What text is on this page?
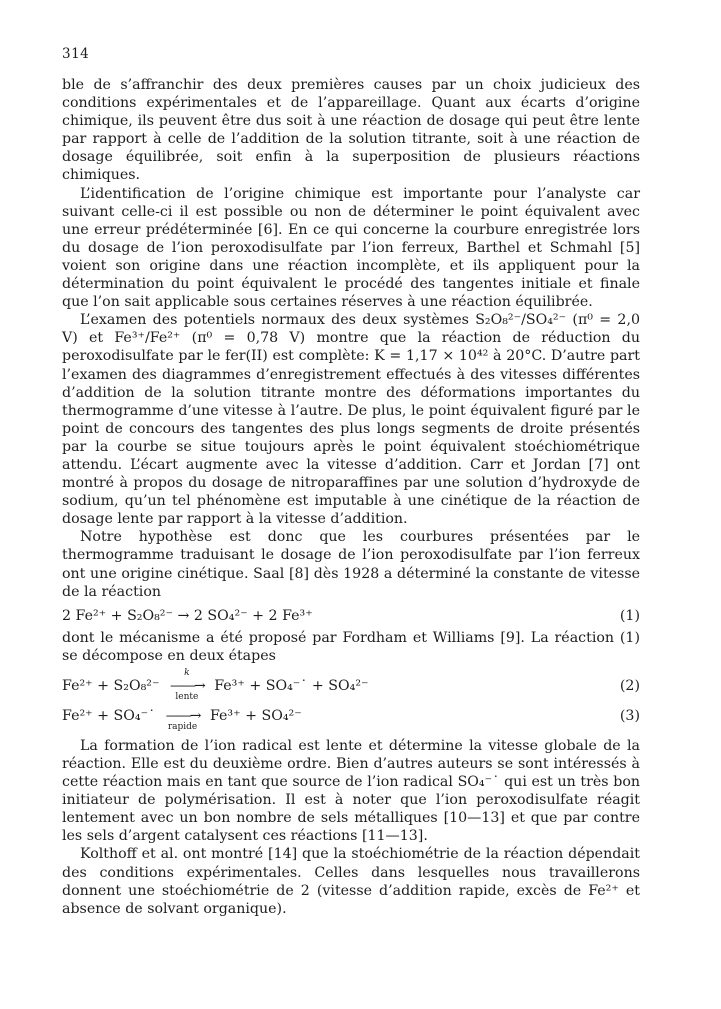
314

ble de s’affranchir des deux premières causes par un choix judicieux des conditions expérimentales et de l’appareillage. Quant aux écarts d’origine chimique, ils peuvent être dus soit à une réaction de dosage qui peut être lente par rapport à celle de l’addition de la solution titrante, soit à une réaction de dosage équilibrée, soit enfin à la superposition de plusieurs réactions chimiques.

L’identification de l’origine chimique est importante pour l’analyste car suivant celle-ci il est possible ou non de déterminer le point équivalent avec une erreur prédéterminée [6]. En ce qui concerne la courbure enregistrée lors du dosage de l’ion peroxodisulfate par l’ion ferreux, Barthel et Schmahl [5] voient son origine dans une réaction incomplète, et ils appliquent pour la détermination du point équivalent le procédé des tangentes initiale et finale que l’on sait applicable sous certaines réserves à une réaction équilibrée.

L’examen des potentiels normaux des deux systèmes S₂O₈²⁻/SO₄²⁻ (π⁰ = 2,0 V) et Fe³⁺/Fe²⁺ (π⁰ = 0,78 V) montre que la réaction de réduction du peroxodisulfate par le fer(II) est complète: K = 1,17 × 10⁴² à 20°C. D’autre part l’examen des diagrammes d’enregistrement effectués à des vitesses différentes d’addition de la solution titrante montre des déformations importantes du thermogramme d’une vitesse à l’autre. De plus, le point équivalent figuré par le point de concours des tangentes des plus longs segments de droite présentés par la courbe se situe toujours après le point équivalent stoéchiométrique attendu. L’écart augmente avec la vitesse d’addition. Carr et Jordan [7] ont montré à propos du dosage de nitroparaffines par une solution d’hydroxyde de sodium, qu’un tel phénomène est imputable à une cinétique de la réaction de dosage lente par rapport à la vitesse d’addition.

Notre hypothèse est donc que les courbures présentées par le thermogramme traduisant le dosage de l’ion peroxodisulfate par l’ion ferreux ont une origine cinétique. Saal [8] dès 1928 a déterminé la constante de vitesse de la réaction

2 Fe²⁺ + S₂O₈²⁻ → 2 SO₄²⁻ + 2 Fe³⁺	(1)

dont le mécanisme a été proposé par Fordham et Williams [9]. La réaction (1) se décompose en deux étapes

Fe²⁺ + S₂O₈²⁻
k
——→
lente
Fe³⁺ + SO₄⁻˙ + SO₄²⁻	(2)
Fe²⁺ + SO₄⁻˙ ——→
rapide
Fe³⁺ + SO₄²⁻	(3)

La formation de l’ion radical est lente et détermine la vitesse globale de la réaction. Elle est du deuxième ordre. Bien d’autres auteurs se sont intéressés à cette réaction mais en tant que source de l’ion radical SO₄⁻˙ qui est un très bon initiateur de polymérisation. Il est à noter que l’ion peroxodisulfate réagit lentement avec un bon nombre de sels métalliques [10—13] et que par contre les sels d’argent catalysent ces réactions [11—13].

Kolthoff et al. ont montré [14] que la stoéchiométrie de la réaction dépendait des conditions expérimentales. Celles dans lesquelles nous travaillerons donnent une stoéchiométrie de 2 (vitesse d’addition rapide, excès de Fe²⁺ et absence de solvant organique).
